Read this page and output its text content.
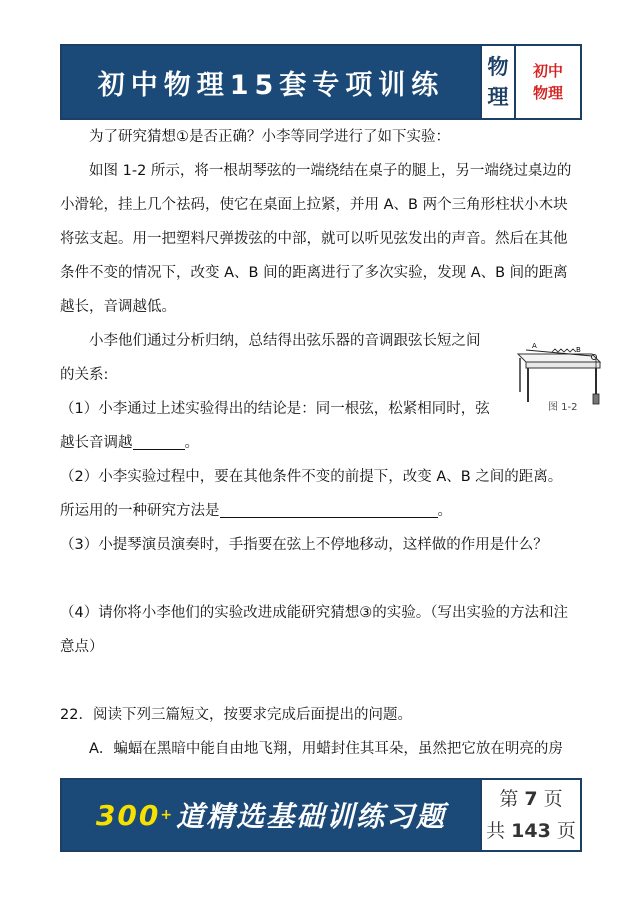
初中物理15套专项训练
物
理
初中
物理

为了研究猜想①是否正确？小李等同学进行了如下实验：

如图 1-2 所示，将一根胡琴弦的一端绕结在桌子的腿上，另一端绕过桌边的

小滑轮，挂上几个祛码，使它在桌面上拉紧，并用 A、B 两个三角形柱状小木块

将弦支起。用一把塑料尺弹拨弦的中部，就可以听见弦发出的声音。然后在其他

条件不变的情况下，改变 A、B 间的距离进行了多次实验，发现 A、B 间的距离

越长，音调越低。

小李他们通过分析归纳，总结得出弦乐器的音调跟弦长短之间

的关系:

（1）小李通过上述实验得出的结论是：同一根弦，松紧相同时，弦

越长音调越	。

（2）小李实验过程中，要在其他条件不变的前提下，改变 A、B 之间的距离。

所运用的一种研究方法是	。

（3）小提琴演员演奏时，手指要在弦上不停地移动，这样做的作用是什么？

（4）请你将小李他们的实验改进成能研究猜想③的实验。（写出实验的方法和注

意点）

22．阅读下列三篇短文，按要求完成后面提出的问题。

A．蝙蝠在黑暗中能自由地飞翔，用蜡封住其耳朵，虽然把它放在明亮的房

A	B
图 1-2
300 + 道精选基础训练习题
第 7 页
共 143 页
